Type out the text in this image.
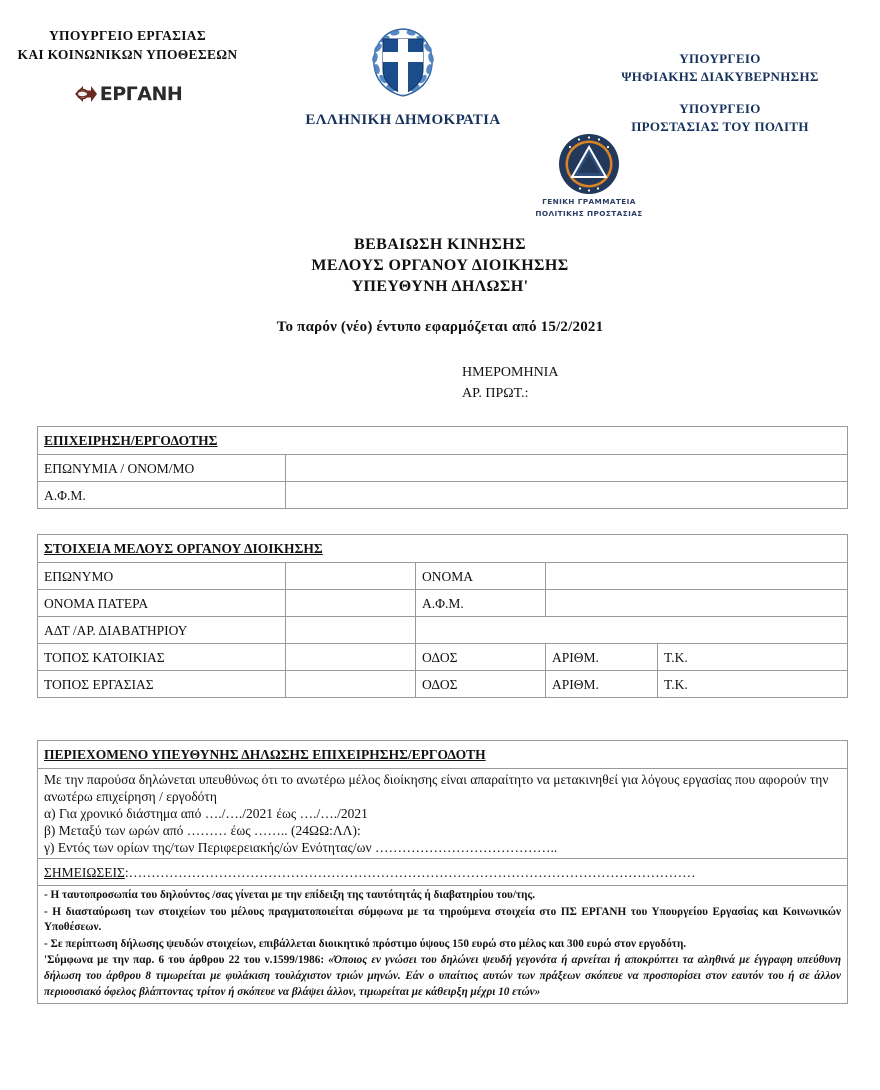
ΥΠΟΥΡΓΕΙΟ ΕΡΓΑΣΙΑΣ
ΚΑΙ ΚΟΙΝΩΝΙΚΩΝ ΥΠΟΘΕΣΕΩΝ
ΕΡΓΑΝΗ
ΕΛΛΗΝΙΚΗ ΔΗΜΟΚΡΑΤΙΑ
ΥΠΟΥΡΓΕΙΟ
ΨΗΦΙΑΚΗΣ ΔΙΑΚΥΒΕΡΝΗΣΗΣ
ΥΠΟΥΡΓΕΙΟ
ΠΡΟΣΤΑΣΙΑΣ ΤΟΥ ΠΟΛΙΤΗ
ΓΕΝΙΚΗ ΓΡΑΜΜΑΤΕΙΑ
ΠΟΛΙΤΙΚΗΣ ΠΡΟΣΤΑΣΙΑΣ
ΒΕΒΑΙΩΣΗ ΚΙΝΗΣΗΣ
ΜΕΛΟΥΣ ΟΡΓΑΝΟΥ ΔΙΟΙΚΗΣΗΣ
ΥΠΕΥΘΥΝΗ ΔΗΛΩΣΗ'
Το παρόν (νέο) έντυπο εφαρμόζεται από 15/2/2021
ΗΜΕΡΟΜΗΝΙΑ
ΑΡ. ΠΡΩΤ.:
ΕΠΙΧΕΙΡΗΣΗ/ΕΡΓΟΔΟΤΗΣ	
ΕΠΩΝΥΜΙΑ / ΟΝΟΜ/ΜΟ	
Α.Φ.Μ.	
ΣΤΟΙΧΕΙΑ ΜΕΛΟΥΣ ΟΡΓΑΝΟΥ ΔΙΟΙΚΗΣΗΣ				
ΕΠΩΝΥΜΟ		ΟΝΟΜΑ		
ΟΝΟΜΑ ΠΑΤΕΡΑ		Α.Φ.Μ.		
ΑΔΤ /ΑΡ. ΔΙΑΒΑΤΗΡΙΟΥ				
ΤΟΠΟΣ ΚΑΤΟΙΚΙΑΣ		ΟΔΟΣ	ΑΡΙΘΜ.	Τ.Κ.
ΤΟΠΟΣ ΕΡΓΑΣΙΑΣ		ΟΔΟΣ	ΑΡΙΘΜ.	Τ.Κ.
ΠΕΡΙΕΧΟΜΕΝΟ ΥΠΕΥΘΥΝΗΣ ΔΗΛΩΣΗΣ ΕΠΙΧΕΙΡΗΣΗΣ/ΕΡΓΟΔΟΤΗ

Με την παρούσα δηλώνεται υπευθύνως ότι το ανωτέρω μέλος διοίκησης είναι απαραίτητο να μετακινηθεί για λόγους εργασίας που αφορούν την ανωτέρω επιχείρηση / εργοδότη

α) Για χρονικό διάστημα από …./…./2021 έως …./…./2021

β) Μεταξύ των ωρών από ……… έως …….. (24ΩΩ:ΛΛ):

γ) Εντός των ορίων της/των Περιφερειακής/ών Ενότητας/ων …………………………………..

ΣΗΜΕΙΩΣΕΙΣ:………………………………………………………………………………………………………………

- Η ταυτοπροσωπία του δηλούντος /σας γίνεται με την επίδειξη της ταυτότητάς ή διαβατηρίου του/της.

- Η διασταύρωση των στοιχείων του μέλους πραγματοποιείται σύμφωνα με τα τηρούμενα στοιχεία στο ΠΣ ΕΡΓΑΝΗ του Υπουργείου Εργασίας και Κοινωνικών Υποθέσεων.

- Σε περίπτωση δήλωσης ψευδών στοιχείων, επιβάλλεται διοικητικό πρόστιμο ύψους 150 ευρώ στο μέλος και 300 ευρώ στον εργοδότη.

'Σύμφωνα με την παρ. 6 του άρθρου 22 του ν.1599/1986: «Όποιος εν γνώσει του δηλώνει ψευδή γεγονότα ή αρνείται ή αποκρύπτει τα αληθινά με έγγραφη υπεύθυνη δήλωση του άρθρου 8 τιμωρείται με φυλάκιση τουλάχιστον τριών μηνών. Εάν ο υπαίτιος αυτών των πράξεων σκόπευε να προσπορίσει στον εαυτόν του ή σε άλλον περιουσιακό όφελος βλάπτοντας τρίτον ή σκόπευε να βλάψει άλλον, τιμωρείται με κάθειρξη μέχρι 10 ετών»
